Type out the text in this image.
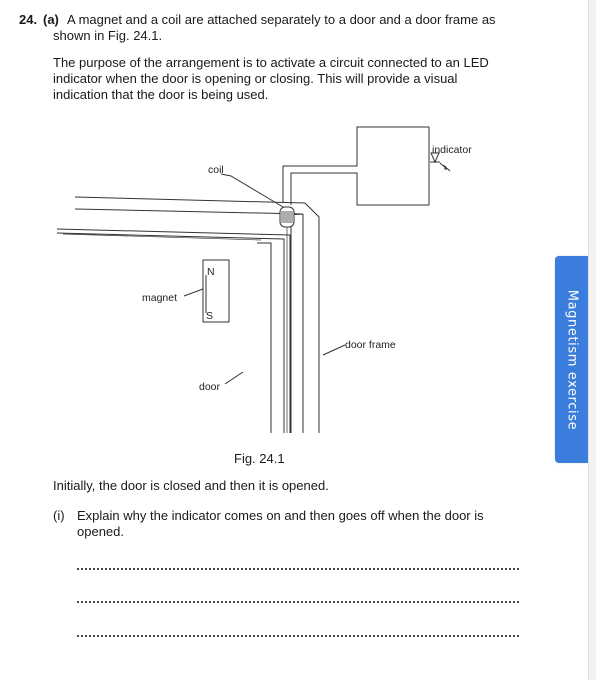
24. (a) A magnet and a coil are attached separately to a door and a door frame as
shown in Fig. 24.1.
The purpose of the arrangement is to activate a circuit connected to an LED
indicator when the door is opening or closing. This will provide a visual
indication that the door is being used.
coil
indicator
magnet
N
S
door frame
door
Fig. 24.1
Initially, the door is closed and then it is opened.
(i) Explain why the indicator comes on and then goes off when the door is
opened.
Magnetism exercise
